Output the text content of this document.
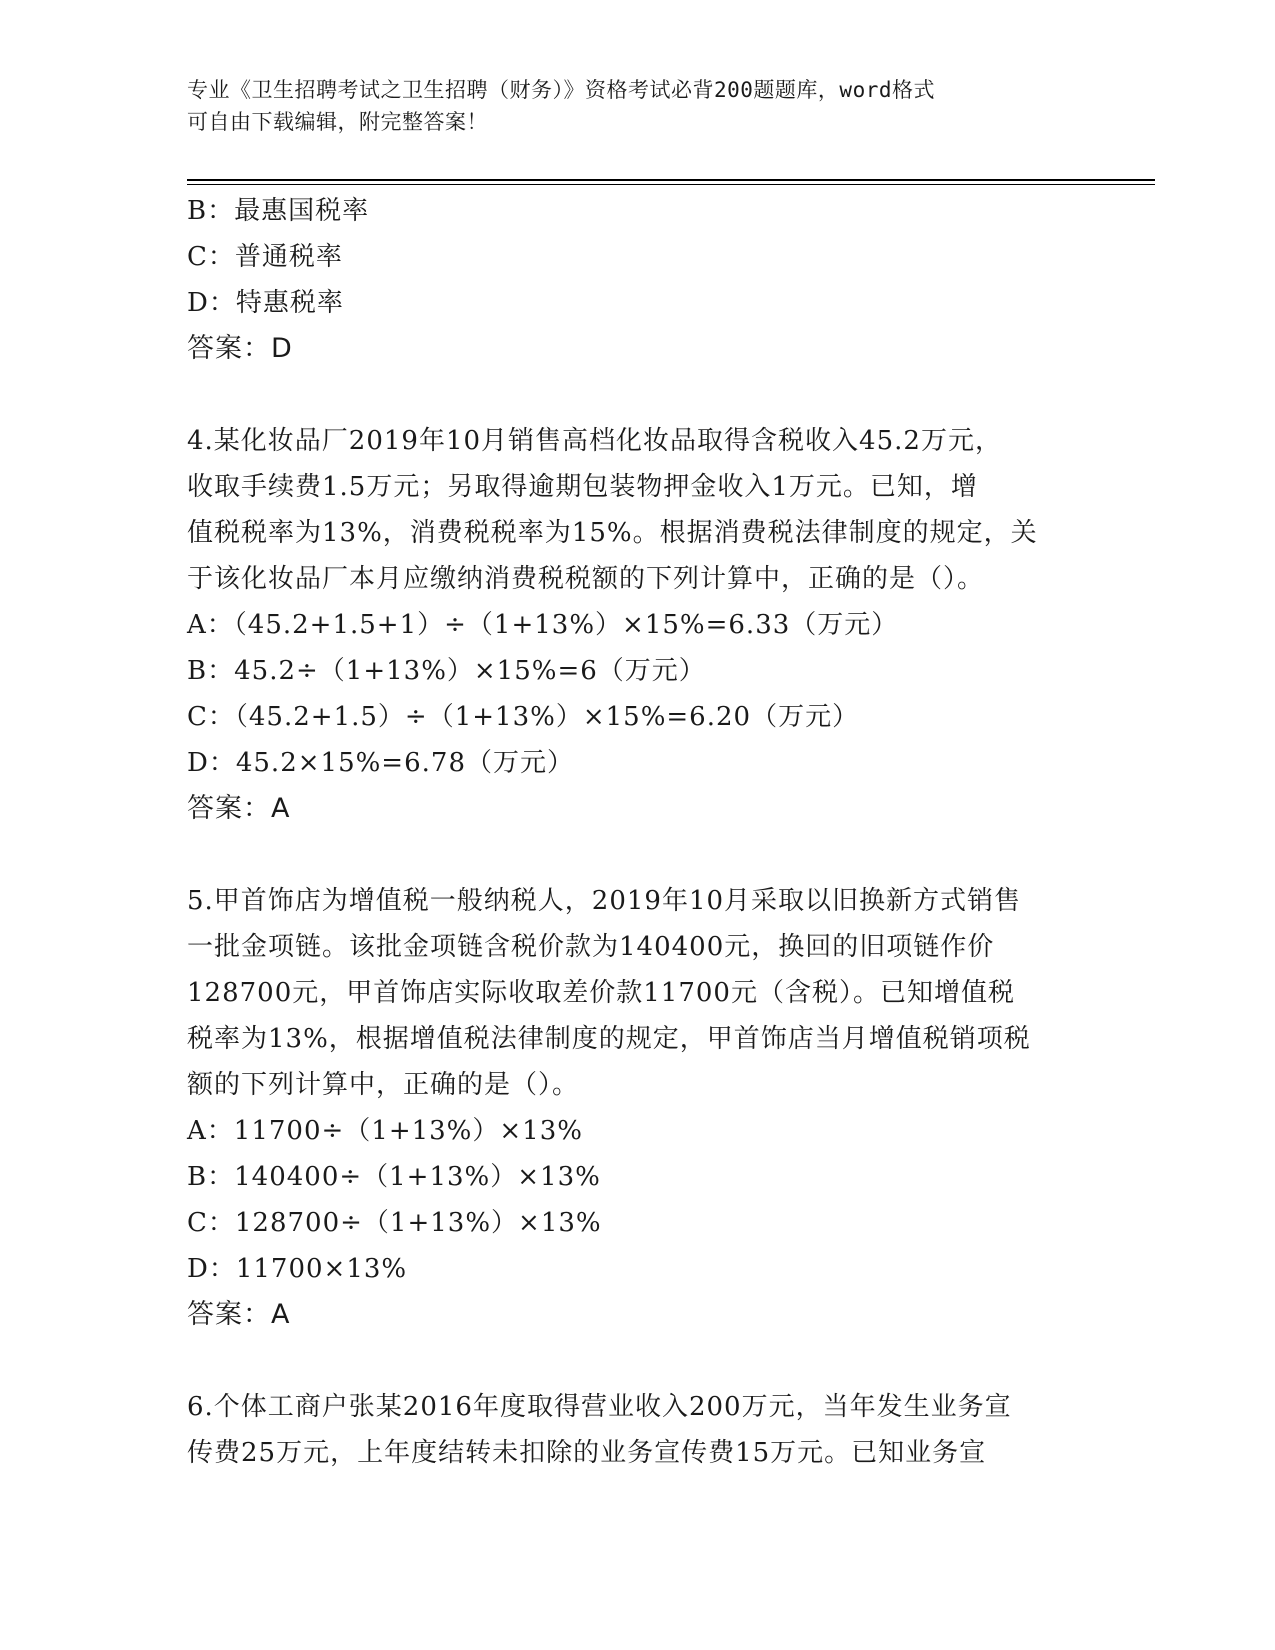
专业《卫生招聘考试之卫生招聘（财务）》资格考试必背200题题库，word格式
可自由下载编辑，附完整答案！
B：最惠国税率
C：普通税率
D：特惠税率
答案：D
4.某化妆品厂2019年10月销售高档化妆品取得含税收入45.2万元，
收取手续费1.5万元；另取得逾期包装物押金收入1万元。已知，增
值税税率为13%，消费税税率为15%。根据消费税法律制度的规定，关
于该化妆品厂本月应缴纳消费税税额的下列计算中，正确的是（）。
A：（45.2+1.5+1）÷（1+13%）×15%=6.33（万元）
B：45.2÷（1+13%）×15%=6（万元）
C：（45.2+1.5）÷（1+13%）×15%=6.20（万元）
D：45.2×15%=6.78（万元）
答案：A
5.甲首饰店为增值税一般纳税人，2019年10月采取以旧换新方式销售
一批金项链。该批金项链含税价款为140400元，换回的旧项链作价
128700元，甲首饰店实际收取差价款11700元（含税）。已知增值税
税率为13%，根据增值税法律制度的规定，甲首饰店当月增值税销项税
额的下列计算中，正确的是（）。
A：11700÷（1+13%）×13%
B：140400÷（1+13%）×13%
C：128700÷（1+13%）×13%
D：11700×13%
答案：A
6.个体工商户张某2016年度取得营业收入200万元，当年发生业务宣
传费25万元，上年度结转未扣除的业务宣传费15万元。已知业务宣
